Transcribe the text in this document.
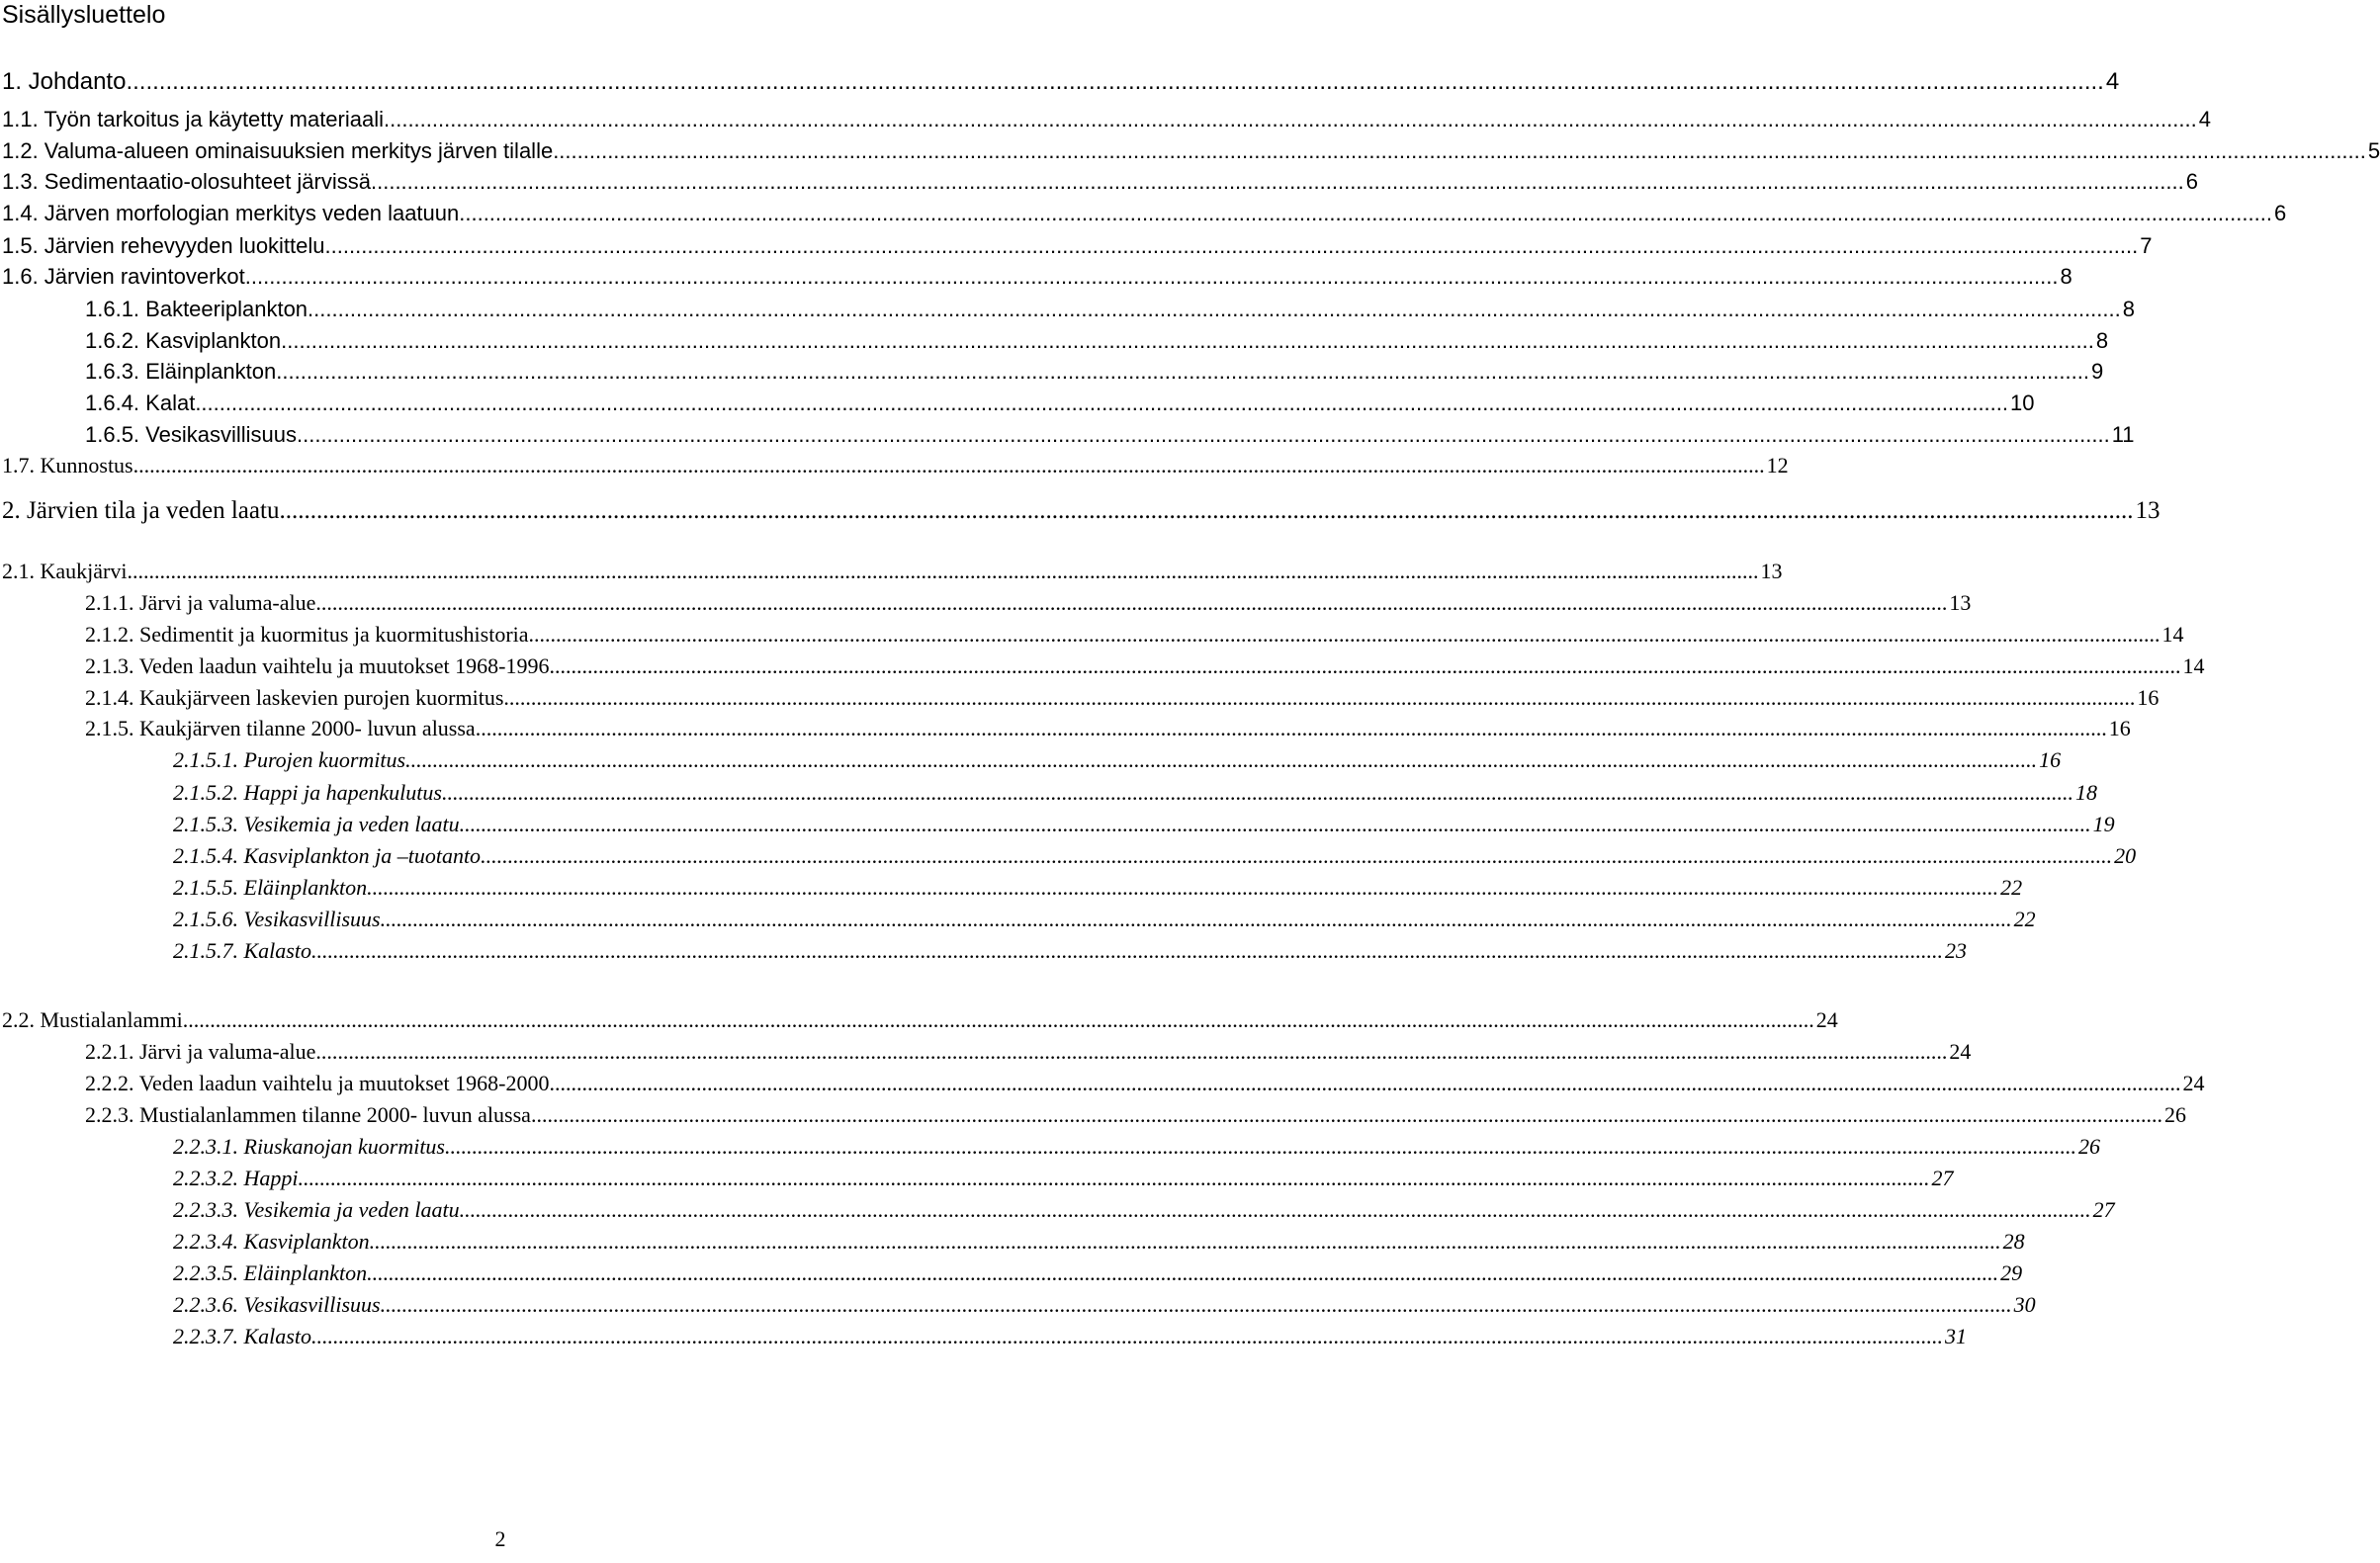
Sisällysluettelo
1. Johdanto ............................................................................................................................................................................................................................................................................................................ 4
1.1. Työn tarkoitus ja käytetty materiaali ............................................................................................................................................................................................................................................................................................................ 4
1.2. Valuma-alueen ominaisuuksien merkitys järven tilalle ............................................................................................................................................................................................................................................................................................................ 5
1.3. Sedimentaatio-olosuhteet järvissä ............................................................................................................................................................................................................................................................................................................ 6
1.4. Järven morfologian merkitys veden laatuun ............................................................................................................................................................................................................................................................................................................ 6
1.5. Järvien rehevyyden luokittelu ............................................................................................................................................................................................................................................................................................................ 7
1.6. Järvien ravintoverkot ............................................................................................................................................................................................................................................................................................................ 8
1.6.1. Bakteeriplankton ............................................................................................................................................................................................................................................................................................................ 8
1.6.2. Kasviplankton ............................................................................................................................................................................................................................................................................................................ 8
1.6.3. Eläinplankton ............................................................................................................................................................................................................................................................................................................ 9
1.6.4. Kalat ............................................................................................................................................................................................................................................................................................................ 10
1.6.5. Vesikasvillisuus ............................................................................................................................................................................................................................................................................................................ 11
1.7. Kunnostus ............................................................................................................................................................................................................................................................................................................ 12
2. Järvien tila ja veden laatu ............................................................................................................................................................................................................................................................................................................ 13
2.1. Kaukjärvi ............................................................................................................................................................................................................................................................................................................ 13
2.1.1. Järvi ja valuma-alue ............................................................................................................................................................................................................................................................................................................ 13
2.1.2. Sedimentit ja kuormitus ja kuormitushistoria ............................................................................................................................................................................................................................................................................................................ 14
2.1.3. Veden laadun vaihtelu ja muutokset 1968-1996 ............................................................................................................................................................................................................................................................................................................ 14
2.1.4. Kaukjärveen laskevien purojen kuormitus ............................................................................................................................................................................................................................................................................................................ 16
2.1.5. Kaukjärven tilanne 2000- luvun alussa ............................................................................................................................................................................................................................................................................................................ 16
2.1.5.1. Purojen kuormitus ............................................................................................................................................................................................................................................................................................................ 16
2.1.5.2. Happi ja hapenkulutus ............................................................................................................................................................................................................................................................................................................ 18
2.1.5.3. Vesikemia ja veden laatu ............................................................................................................................................................................................................................................................................................................ 19
2.1.5.4. Kasviplankton ja –tuotanto ............................................................................................................................................................................................................................................................................................................ 20
2.1.5.5. Eläinplankton ............................................................................................................................................................................................................................................................................................................ 22
2.1.5.6. Vesikasvillisuus ............................................................................................................................................................................................................................................................................................................ 22
2.1.5.7. Kalasto ............................................................................................................................................................................................................................................................................................................ 23
2.2. Mustialanlammi ............................................................................................................................................................................................................................................................................................................ 24
2.2.1. Järvi ja valuma-alue ............................................................................................................................................................................................................................................................................................................ 24
2.2.2. Veden laadun vaihtelu ja muutokset 1968-2000 ............................................................................................................................................................................................................................................................................................................ 24
2.2.3. Mustialanlammen tilanne 2000- luvun alussa ............................................................................................................................................................................................................................................................................................................ 26
2.2.3.1. Riuskanojan kuormitus ............................................................................................................................................................................................................................................................................................................ 26
2.2.3.2. Happi ............................................................................................................................................................................................................................................................................................................ 27
2.2.3.3. Vesikemia ja veden laatu ............................................................................................................................................................................................................................................................................................................ 27
2.2.3.4. Kasviplankton ............................................................................................................................................................................................................................................................................................................ 28
2.2.3.5. Eläinplankton ............................................................................................................................................................................................................................................................................................................ 29
2.2.3.6. Vesikasvillisuus ............................................................................................................................................................................................................................................................................................................ 30
2.2.3.7. Kalasto ............................................................................................................................................................................................................................................................................................................ 31
2
